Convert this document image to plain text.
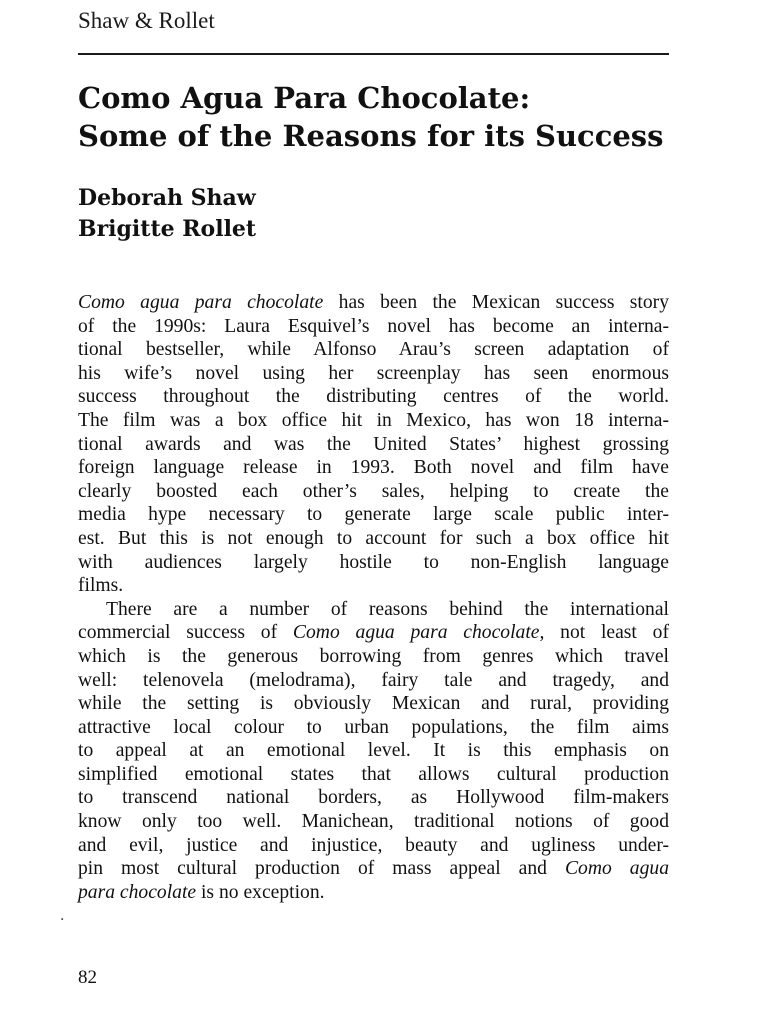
Shaw & Rollet
Como Agua Para Chocolate:
Some of the Reasons for its Success
Deborah Shaw
Brigitte Rollet
Como agua para chocolate has been the Mexican success story
of the 1990s: Laura Esquivel’s novel has become an interna-
tional bestseller, while Alfonso Arau’s screen adaptation of
his wife’s novel using her screenplay has seen enormous
success throughout the distributing centres of the world.
The film was a box office hit in Mexico, has won 18 interna-
tional awards and was the United States’ highest grossing
foreign language release in 1993. Both novel and film have
clearly boosted each other’s sales, helping to create the
media hype necessary to generate large scale public inter-
est. But this is not enough to account for such a box office hit
with audiences largely hostile to non-English language
films.
There are a number of reasons behind the international
commercial success of Como agua para chocolate, not least of
which is the generous borrowing from genres which travel
well: telenovela (melodrama), fairy tale and tragedy, and
while the setting is obviously Mexican and rural, providing
attractive local colour to urban populations, the film aims
to appeal at an emotional level. It is this emphasis on
simplified emotional states that allows cultural production
to transcend national borders, as Hollywood film-makers
know only too well. Manichean, traditional notions of good
and evil, justice and injustice, beauty and ugliness under-
pin most cultural production of mass appeal and Como agua
para chocolate is no exception.
.
82
